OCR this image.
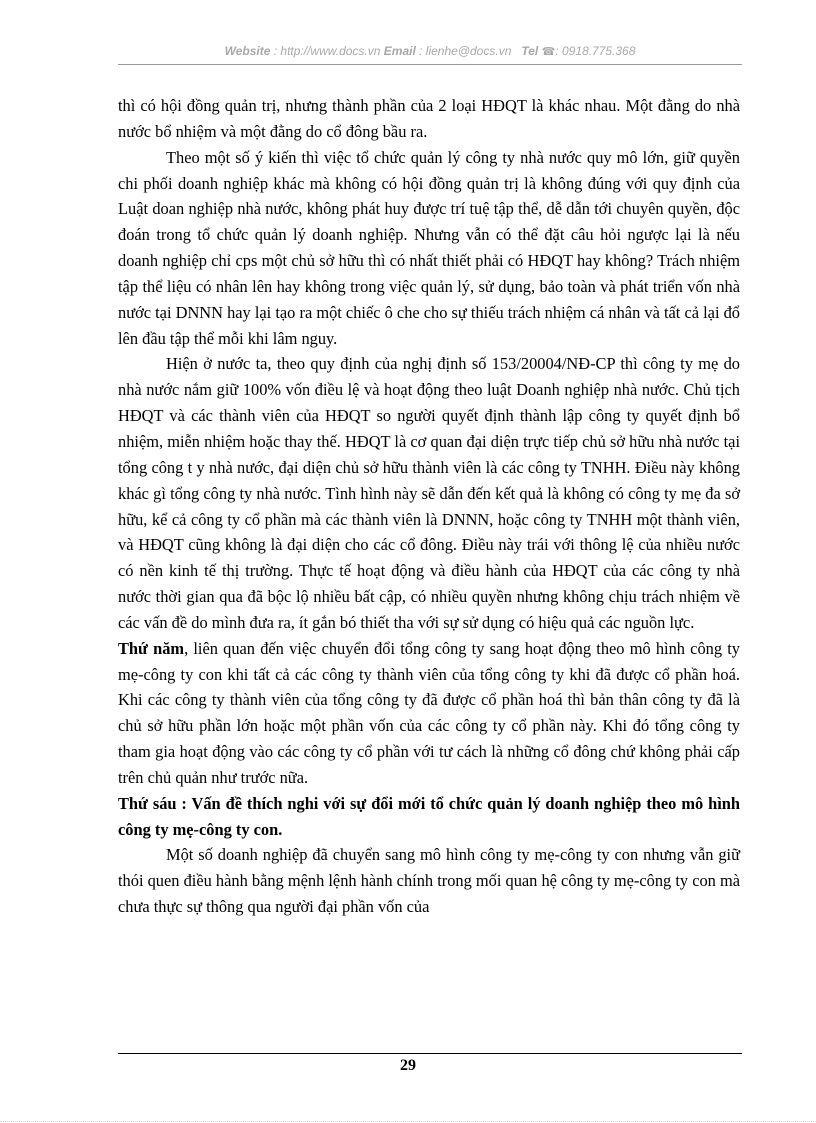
Website : http://www.docs.vn Email : lienhe@docs.vn   Tel ☎: 0918.775.368

thì có hội đồng quản trị, nhưng thành phần của 2 loại HĐQT là khác nhau. Một đằng do nhà nước bổ nhiệm và một đằng do cổ đông bầu ra.

Theo một số ý kiến thì việc tổ chức quản lý công ty nhà nước quy mô lớn, giữ quyền chi phối doanh nghiệp khác mà không có hội đồng quản trị là không đúng với quy định của Luật doan nghiệp nhà nước, không phát huy được trí tuệ tập thể, dễ dẫn tới chuyên quyền, độc đoán trong tổ chức quản lý doanh nghiệp. Nhưng vẫn có thể đặt câu hỏi ngược lại là nếu doanh nghiệp chỉ cps một chủ sở hữu thì có nhất thiết phải có HĐQT hay không? Trách nhiệm tập thể liệu có nhân lên hay không trong việc quản lý, sử dụng, bảo toàn và phát triển vốn nhà nước tại DNNN hay lại tạo ra một chiếc ô che cho sự thiếu trách nhiệm cá nhân và tất cả lại đổ lên đầu tập thể mỗi khi lâm nguy.

Hiện ở nước ta, theo quy định của nghị định số 153/20004/NĐ-CP thì công ty mẹ do nhà nước nắm giữ 100% vốn điều lệ và hoạt động theo luật Doanh nghiệp nhà nước. Chủ tịch HĐQT và các thành viên của HĐQT so người quyết định thành lập công ty quyết định bổ nhiệm, miễn nhiệm hoặc thay thế. HĐQT là cơ quan đại diện trực tiếp chủ sở hữu nhà nước tại tổng công t y nhà nước, đại diện chủ sở hữu thành viên là các công ty TNHH. Điều này không khác gì tổng công ty nhà nước. Tình hình này sẽ dẫn đến kết quả là không có công ty mẹ đa sở hữu, kể cả công ty cổ phần mà các thành viên là DNNN, hoặc công ty TNHH một thành viên, và HĐQT cũng không là đại diện cho các cổ đông. Điều này trái với thông lệ của nhiều nước có nền kinh tế thị trường. Thực tế hoạt động và điều hành của HĐQT của các công ty nhà nước thời gian qua đã bộc lộ nhiều bất cập, có nhiều quyền nhưng không chịu trách nhiệm về các vấn đề do mình đưa ra, ít gắn bó thiết tha với sự sử dụng có hiệu quả các nguồn lực.

Thứ năm, liên quan đến việc chuyển đổi tổng công ty sang hoạt động theo mô hình công ty mẹ-công ty con khi tất cả các công ty thành viên của tổng công ty khi đã được cổ phần hoá. Khi các công ty thành viên của tổng công ty đã được cổ phần hoá thì bản thân công ty đã là chủ sở hữu phần lớn hoặc một phần vốn của các công ty cổ phần này. Khi đó tổng công ty tham gia hoạt động vào các công ty cổ phần với tư cách là những cổ đông chứ không phải cấp trên chủ quản như trước nữa.

Thứ sáu : Vấn đề thích nghi với sự đổi mới tổ chức quản lý doanh nghiệp theo mô hình công ty mẹ-công ty con.

Một số doanh nghiệp đã chuyển sang mô hình công ty mẹ-công ty con nhưng vẫn giữ thói quen điều hành bằng mệnh lệnh hành chính trong mối quan hệ công ty mẹ-công ty con mà chưa thực sự thông qua người đại phần vốn của

29
